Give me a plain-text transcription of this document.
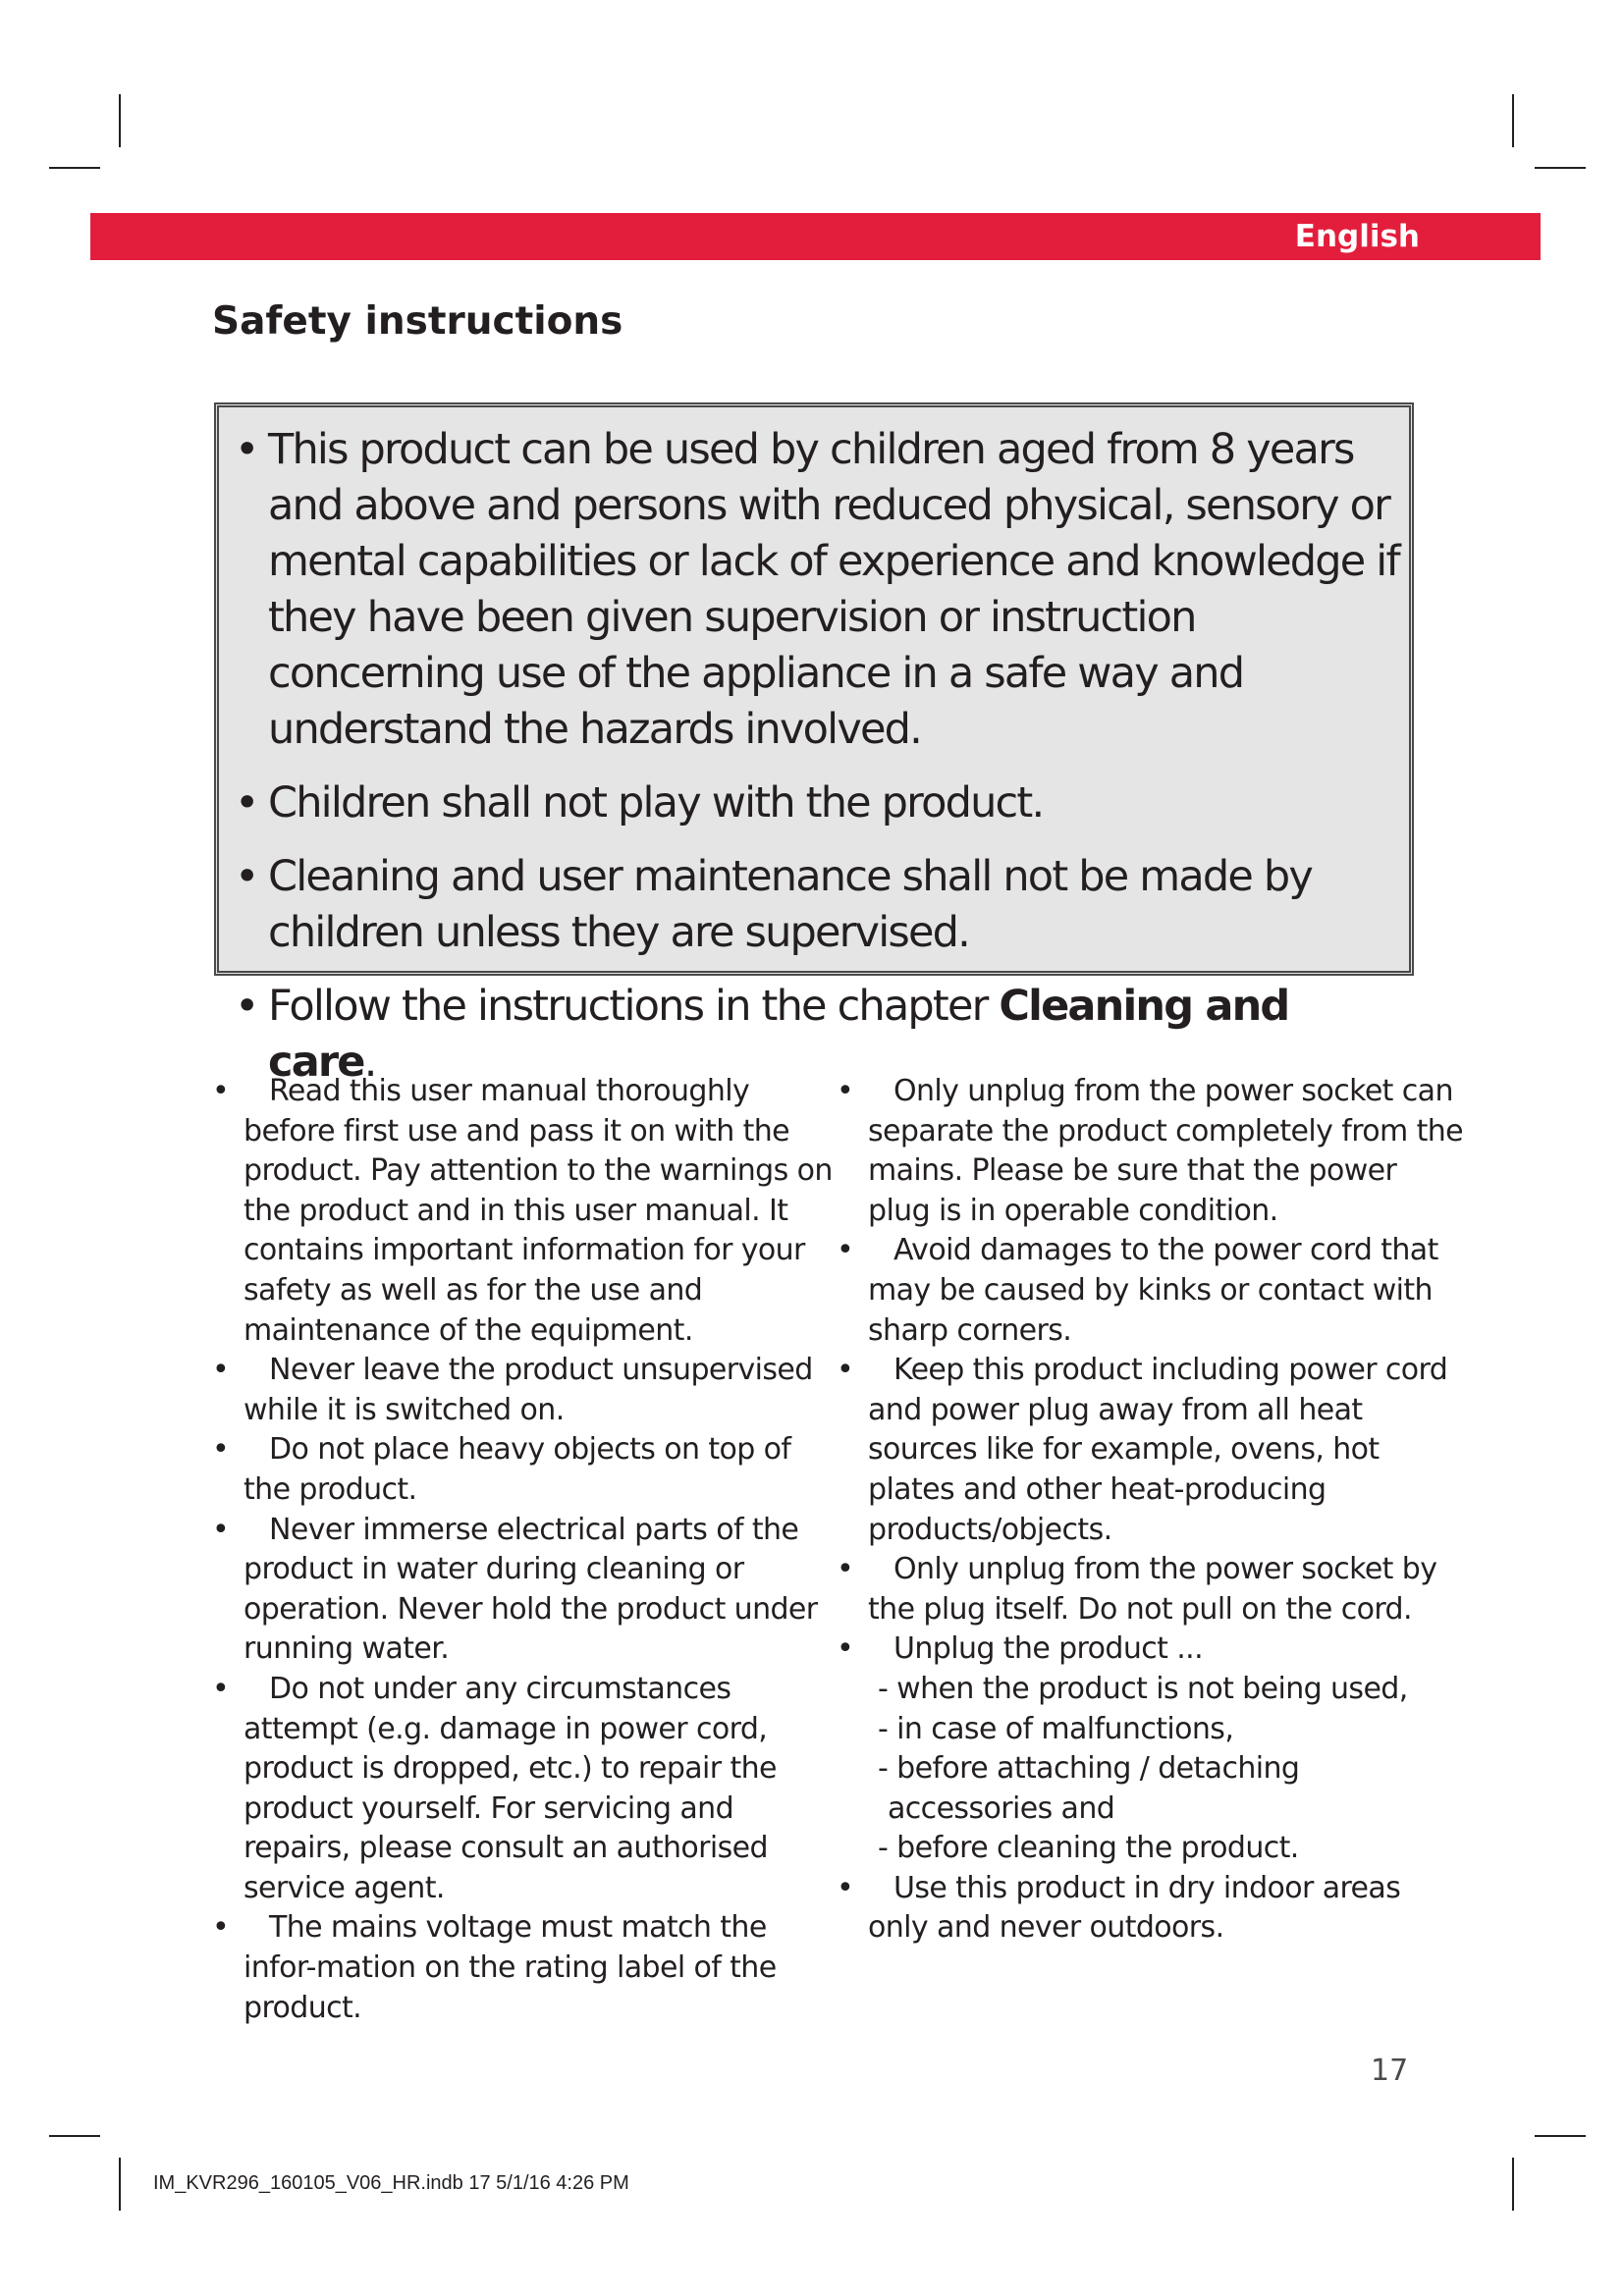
English
Safety instructions
• This product can be used by children aged from 8 years and above and persons with reduced physical, sensory or mental capabilities or lack of experience and knowledge if they have been given supervision or instruction concerning use of the appliance in a safe way and understand the hazards involved.
• Children shall not play with the product.
• Cleaning and user maintenance shall not be made by children unless they are supervised.
• Follow the instructions in the chapter Cleaning and care.
• Read this user manual thoroughly before first use and pass it on with the product. Pay attention to the warnings on the product and in this user manual. It contains important information for your safety as well as for the use and maintenance of the equipment.
• Never leave the product unsupervised while it is switched on.
• Do not place heavy objects on top of the product.
• Never immerse electrical parts of the product in water during cleaning or operation. Never hold the product under running water.
• Do not under any circumstances attempt (e.g. damage in power cord, product is dropped, etc.) to repair the product yourself. For servicing and repairs, please consult an authorised service agent.
• The mains voltage must match the infor-mation on the rating label of the product.
• Only unplug from the power socket can separate the product completely from the mains. Please be sure that the power plug is in operable condition.
• Avoid damages to the power cord that may be caused by kinks or contact with sharp corners.
• Keep this product including power cord and power plug away from all heat sources like for example, ovens, hot plates and other heat-producing products/objects.
• Only unplug from the power socket by the plug itself. Do not pull on the cord.
• Unplug the product ...
- when the product is not being used,
- in case of malfunctions,
- before attaching / detaching
accessories and
- before cleaning the product.
• Use this product in dry indoor areas only and never outdoors.
17
IM_KVR296_160105_V06_HR.indb 17 5/1/16 4:26 PM
